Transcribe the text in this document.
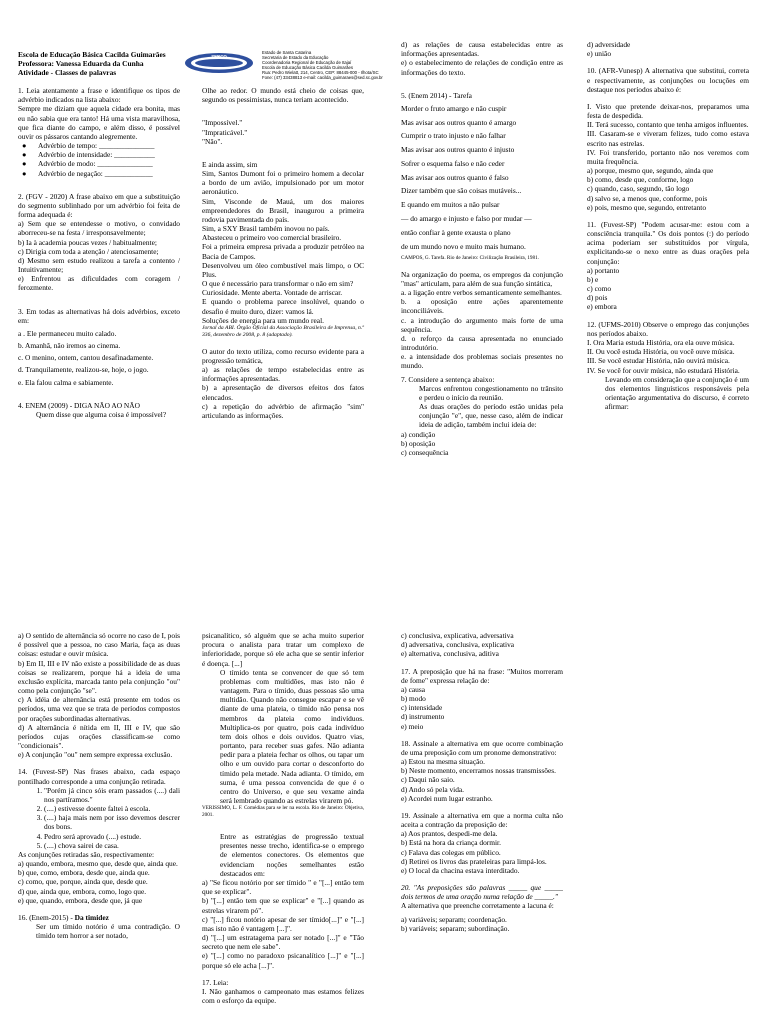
Escola de Educação Básica Cacilda Guimarães
Professora: Vanessa Eduarda da Cunha
Atividade - Classes de palavras
SERCO
Estado de Santa Catarina
Secretaria de Estado da Educação
Coordenadoria Regional de Educação de Itajaí
Escola de Educação Básica Cacilda Guimarães
Rua: Pedro Wielatt, 214, Centro, CEP: 88445-000 - Ilhota/SC
Fone: (47) 33438813 e-mail: cacilda_guimaraes@sed.sc.gov.br

1. Leia atentamente a frase e identifique os tipos de advérbio indicados na lista abaixo:

Sempre me diziam que aquela cidade era bonita, mas eu não sabia que era tanto! Há uma vista maravilhosa, que fica diante do campo, e além disso, é possível ouvir os pássaros cantando alegremente.

●	Advérbio de tempo: _______________
●	Advérbio de intensidade: ___________
●	Advérbio de modo: _______________
●	Advérbio de negação: _____________

2. (FGV - 2020) A frase abaixo em que a substituição do segmento sublinhado por um advérbio foi feita de forma adequada é:

a) Sem que se entendesse o motivo, o convidado aborreceu-se na festa / irresponsavelmente;

b) Ia à academia poucas vezes / habitualmente;

c) Dirigia com toda a atenção / atenciosamente;

d) Mesmo sem estudo realizou a tarefa a contento / Intuitivamente;

e) Enfrentou as dificuldades com coragem / ferozmente.

3. Em todas as alternativas há dois advérbios, exceto em:

a . Ele permaneceu muito calado.

b. Amanhã, não iremos ao cinema.

c. O menino, ontem, cantou desafinadamente.

d. Tranquilamente, realizou-se, hoje, o jogo.

e. Ela falou calma e sabiamente.

4. ENEM (2009) - DIGA NÃO AO NÃO

Quem disse que alguma coisa é impossível?

Olhe ao redor. O mundo está cheio de coisas que, segundo os pessimistas, nunca teriam acontecido.

"Impossível."

"Impraticável."

"Não".

E ainda assim, sim

Sim, Santos Dumont foi o primeiro homem a decolar a bordo de um avião, impulsionado por um motor aeronáutico.

Sim, Visconde de Mauá, um dos maiores empreendedores do Brasil, inaugurou a primeira rodovia pavimentada do país.

Sim, a SXY Brasil também inovou no país.

Abasteceu o primeiro voo comercial brasileiro.

Foi a primeira empresa privada a produzir petróleo na Bacia de Campos.

Desenvolveu um óleo combustível mais limpo, o OC Plus.

O que é necessário para transformar o não em sim?

Curiosidade. Mente aberta. Vontade de arriscar.

E quando o problema parece insolúvel, quando o desafio é muito duro, dizer: vamos lá.

Soluções de energia para um mundo real.

Jornal da ABI. Órgão Oficial da Associação Brasileira de Imprensa, n.º 336, dezembro de 2008, p. 8 (adaptado).

O autor do texto utiliza, como recurso evidente para a progressão temática,

a) as relações de tempo estabelecidas entre as informações apresentadas.

b) a apresentação de diversos efeitos dos fatos elencados.

c) a repetição do advérbio de afirmação "sim" articulando as informações.

d) as relações de causa estabelecidas entre as informações apresentadas.

e) o estabelecimento de relações de condição entre as informações do texto.

5. (Enem 2014) - Tarefa

Morder o fruto amargo e não cuspir
Mas avisar aos outros quanto é amargo
Cumprir o trato injusto e não falhar
Mas avisar aos outros quanto é injusto
Sofrer o esquema falso e não ceder
Mas avisar aos outros quanto é falso
Dizer também que são coisas mutáveis...
E quando em muitos a não pulsar
— do amargo e injusto e falso por mudar —
então confiar à gente exausta o plano
de um mundo novo e muito mais humano.

CAMPOS, G. Tarefa. Rio de Janeiro: Civilização Brasileira, 1981.

Na organização do poema, os empregos da conjunção "mas" articulam, para além de sua função sintática,

a. a ligação entre verbos semanticamente semelhantes.

b. a oposição entre ações aparentemente inconciliáveis.

c. a introdução do argumento mais forte de uma sequência.

d. o reforço da causa apresentada no enunciado introdutório.

e. a intensidade dos problemas sociais presentes no mundo.

7. Considere a sentença abaixo:

Marcos enfrentou congestionamento no trânsito e perdeu o início da reunião.

As duas orações do período estão unidas pela conjunção "e", que, nesse caso, além de indicar ideia de adição, também inclui ideia de:

a) condição

b) oposição

c) consequência

d) adversidade

e) união

10. (AFR-Vunesp) A alternativa que substitui, correta e respectivamente, as conjunções ou locuções em destaque nos períodos abaixo é:

I. Visto que pretende deixar-nos, preparamos uma festa de despedida.

II. Terá sucesso, contanto que tenha amigos influentes.

III. Casaram-se e viveram felizes, tudo como estava escrito nas estrelas.

IV. Foi transferido, portanto não nos veremos com muita frequência.

a) porque, mesmo que, segundo, ainda que

b) como, desde que, conforme, logo

c) quando, caso, segundo, tão logo

d) salvo se, a menos que, conforme, pois

e) pois, mesmo que, segundo, entretanto

11. (Fuvest-SP) "Podem acusar-me: estou com a consciência tranquila." Os dois pontos (:) do período acima poderiam ser substituídos por vírgula, explicitando-se o nexo entre as duas orações pela conjunção:

a) portanto

b) e

c) como

d) pois

e) embora

12. (UFMS-2010) Observe o emprego das conjunções nos períodos abaixo.

I. Ora Maria estuda História, ora ela ouve música.

II. Ou você estuda História, ou você ouve música.

III. Se você estudar História, não ouvirá música.

IV. Se você for ouvir música, não estudará História.

Levando em consideração que a conjunção é um dos elementos linguísticos responsáveis pela orientação argumentativa do discurso, é correto afirmar:

a) O sentido de alternância só ocorre no caso de I, pois é possível que a pessoa, no caso Maria, faça as duas coisas: estudar e ouvir música.

b) Em II, III e IV não existe a possibilidade de as duas coisas se realizarem, porque há a ideia de uma exclusão explícita, marcada tanto pela conjunção "ou" como pela conjunção "se".

c) A idéia de alternância está presente em todos os períodos, uma vez que se trata de períodos compostos por orações subordinadas alternativas.

d) A alternância é nítida em II, III e IV, que são períodos cujas orações classificam-se como "condicionais".

e) A conjunção "ou" nem sempre expressa exclusão.

14. (Fuvest-SP) Nas frases abaixo, cada espaço pontilhado corresponde a uma conjunção retirada.

1. "Porém já cinco sóis eram passados (....) dali nos partíramos."
2. (....) estivesse doente faltei à escola.
3. (....) haja mais nem por isso devemos descrer dos bons.
4. Pedro será aprovado (....) estude.
5. (....) chova sairei de casa.

As conjunções retiradas são, respectivamente:

a) quando, embora, mesmo que, desde que, ainda que.

b) que, como, embora, desde que, ainda que.

c) como, que, porque, ainda que, desde que.

d) que, ainda que, embora, como, logo que.

e) que, quando, embora, desde que, já que

16. (Enem-2015) - Da timidez

Ser um tímido notório é uma contradição. O tímido tem horror a ser notado,

psicanalítico, só alguém que se acha muito superior procura o analista para tratar um complexo de inferioridade, porque só ele acha que se sentir inferior é doença. [...]

O tímido tenta se convencer de que só tem problemas com multidões, mas isto não é vantagem. Para o tímido, duas pessoas são uma multidão. Quando não consegue escapar e se vê diante de uma plateia, o tímido não pensa nos membros da plateia como indivíduos. Multiplica-os por quatro, pois cada indivíduo tem dois olhos e dois ouvidos. Quatro vias, portanto, para receber suas gafes. Não adianta pedir para a plateia fechar os olhos, ou tapar um olho e um ouvido para cortar o desconforto do tímido pela metade. Nada adianta. O tímido, em suma, é uma pessoa convencida de que é o centro do Universo, e que seu vexame ainda será lembrado quando as estrelas virarem pó.

VERISSIMO, L. F. Comédias para se ler na escola. Rio de Janeiro: Objetiva, 2001.

Entre as estratégias de progressão textual presentes nesse trecho, identifica-se o emprego de elementos conectores. Os elementos que evidenciam noções semelhantes estão destacados em:

a) "Se ficou notório por ser tímido " e "[...] então tem que se explicar".

b) "[...] então tem que se explicar" e "[...] quando as estrelas virarem pó".

c) "[...] ficou notório apesar de ser tímido[...]" e "[...] mas isto não é vantagem [...]".

d) "[...] um estratagema para ser notado [...]" e "Tão secreto que nem ele sabe".

e) "[...] como no paradoxo psicanalítico [...]" e "[...] porque só ele acha [...]".

17. Leia:

I. Não ganhamos o campeonato mas estamos felizes com o esforço da equipe.

c) conclusiva, explicativa, adversativa

d) adversativa, conclusiva, explicativa

e) alternativa, conclusiva, aditiva

17. A preposição que há na frase: "Muitos morreram de fome" expressa relação de:

a) causa

b) modo

c) intensidade

d) instrumento

e) meio

18. Assinale a alternativa em que ocorre combinação de uma preposição com um pronome demonstrativo:

a) Estou na mesma situação.

b) Neste momento, encerramos nossas transmissões.

c) Daqui não saio.

d) Ando só pela vida.

e) Acordei num lugar estranho.

19. Assinale a alternativa em que a norma culta não aceita a contração da preposição de:

a) Aos prantos, despedi-me dela.

b) Está na hora da criança dormir.

c) Falava das colegas em público.

d) Retirei os livros das prateleiras para limpá-los.

e) O local da chacina estava interditado.

20. "As preposições são palavras _____ que _____ dois termos de uma oração numa relação de _____."

A alternativa que preenche corretamente a lacuna é:

a) variáveis; separam; coordenação.

b) variáveis; separam; subordinação.
